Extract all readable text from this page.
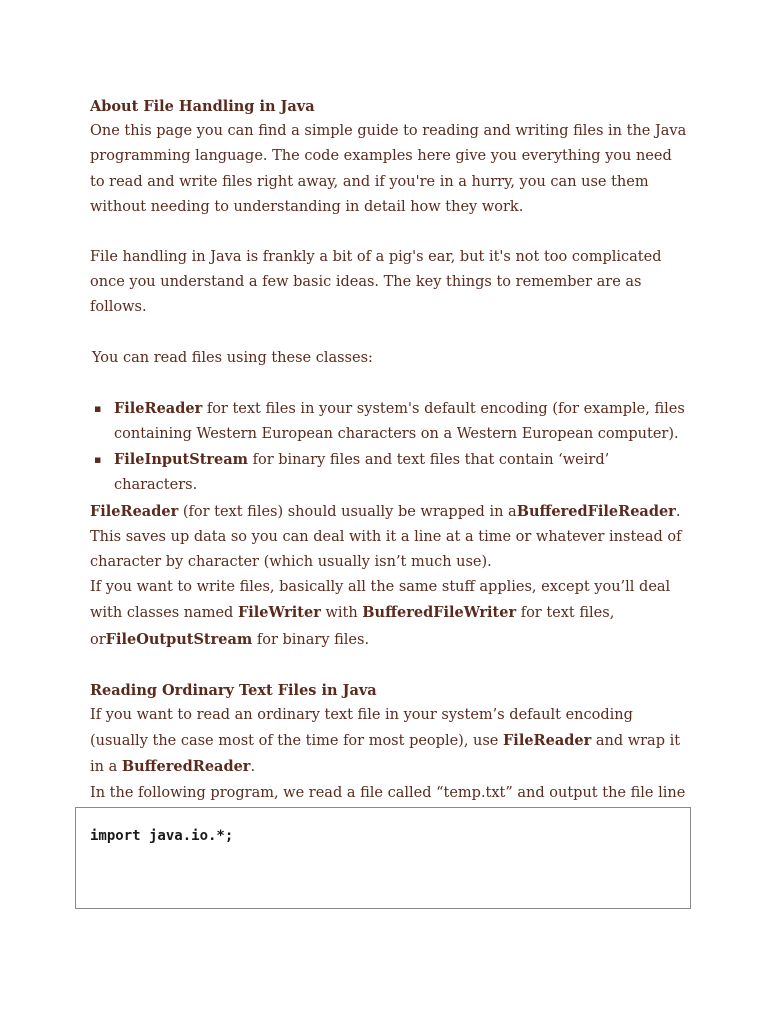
About File Handling in Java

One this page you can find a simple guide to reading and writing files in the Java programming language. The code examples here give you everything you need to read and write files right away, and if you're in a hurry, you can use them without needing to understanding in detail how they work.

File handling in Java is frankly a bit of a pig's ear, but it's not too complicated once you understand a few basic ideas. The key things to remember are as follows.

You can read files using these classes:

▪ FileReader for text files in your system's default encoding (for example, files containing Western European characters on a Western European computer).
▪ FileInputStream for binary files and text files that contain ‘weird’ characters.

FileReader (for text files) should usually be wrapped in aBufferedFileReader. This saves up data so you can deal with it a line at a time or whatever instead of character by character (which usually isn’t much use).

If you want to write files, basically all the same stuff applies, except you’ll deal with classes named FileWriter with BufferedFileWriter for text files, orFileOutputStream for binary files.

Reading Ordinary Text Files in Java

If you want to read an ordinary text file in your system’s default encoding (usually the case most of the time for most people), use FileReader and wrap it in a BufferedReader.

In the following program, we read a file called “temp.txt” and output the file line

import java.io.*;
